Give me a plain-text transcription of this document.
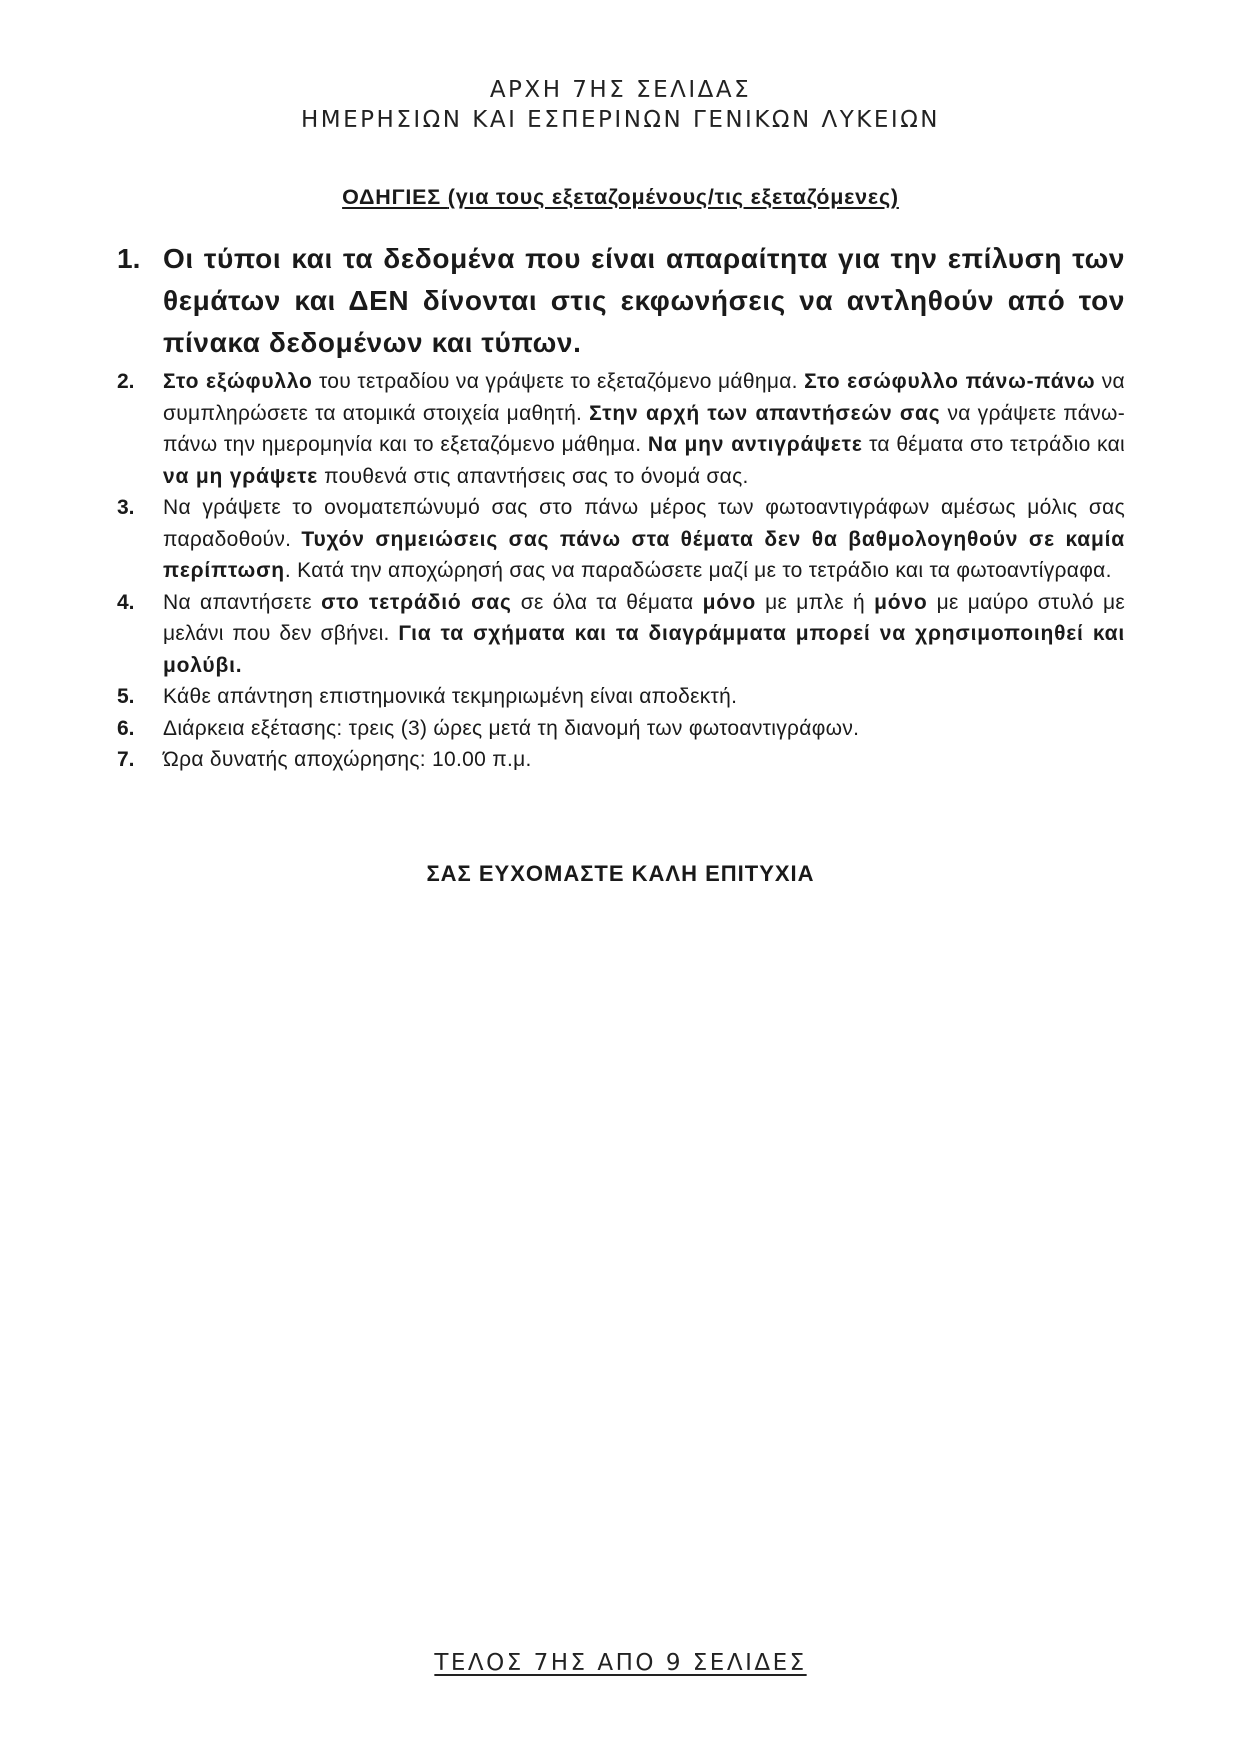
ΑΡΧΗ 7ΗΣ ΣΕΛΙΔΑΣ
ΗΜΕΡΗΣΙΩΝ ΚΑΙ ΕΣΠΕΡΙΝΩΝ ΓΕΝΙΚΩΝ ΛΥΚΕΙΩΝ
ΟΔΗΓΙΕΣ (για τους εξεταζομένους/τις εξεταζόμενες)
1. Οι τύποι και τα δεδομένα που είναι απαραίτητα για την επίλυση των θεμάτων και ΔΕΝ δίνονται στις εκφωνήσεις να αντληθούν από τον πίνακα δεδομένων και τύπων.
2. Στο εξώφυλλο του τετραδίου να γράψετε το εξεταζόμενο μάθημα. Στο εσώφυλλο πάνω-πάνω να συμπληρώσετε τα ατομικά στοιχεία μαθητή. Στην αρχή των απαντήσεών σας να γράψετε πάνω-πάνω την ημερομηνία και το εξεταζόμενο μάθημα. Να μην αντιγράψετε τα θέματα στο τετράδιο και να μη γράψετε πουθενά στις απαντήσεις σας το όνομά σας.
3. Να γράψετε το ονοματεπώνυμό σας στο πάνω μέρος των φωτοαντιγράφων αμέσως μόλις σας παραδοθούν. Τυχόν σημειώσεις σας πάνω στα θέματα δεν θα βαθμολογηθούν σε καμία περίπτωση. Κατά την αποχώρησή σας να παραδώσετε μαζί με το τετράδιο και τα φωτοαντίγραφα.
4. Να απαντήσετε στο τετράδιό σας σε όλα τα θέματα μόνο με μπλε ή μόνο με μαύρο στυλό με μελάνι που δεν σβήνει. Για τα σχήματα και τα διαγράμματα μπορεί να χρησιμοποιηθεί και μολύβι.
5. Κάθε απάντηση επιστημονικά τεκμηριωμένη είναι αποδεκτή.
6. Διάρκεια εξέτασης: τρεις (3) ώρες μετά τη διανομή των φωτοαντιγράφων.
7. Ώρα δυνατής αποχώρησης: 10.00 π.μ.
ΣΑΣ ΕΥΧΟΜΑΣΤΕ ΚΑΛΗ ΕΠΙΤΥΧΙΑ
ΤΕΛΟΣ 7ΗΣ ΑΠΟ 9 ΣΕΛΙΔΕΣ
